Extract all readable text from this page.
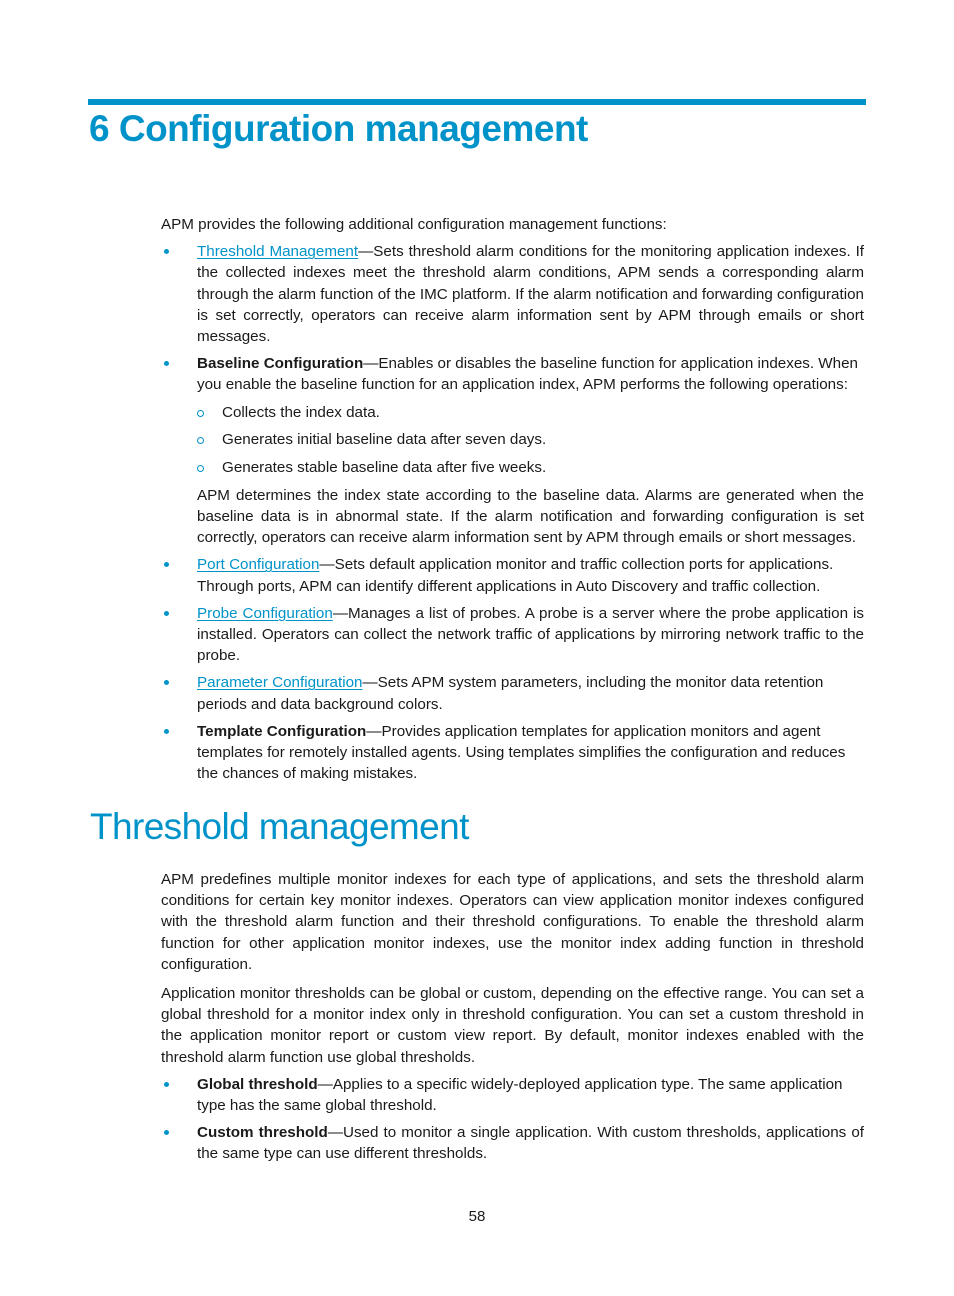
6 Configuration management

APM provides the following additional configuration management functions:

Threshold Management—Sets threshold alarm conditions for the monitoring application indexes. If the collected indexes meet the threshold alarm conditions, APM sends a corresponding alarm through the alarm function of the IMC platform. If the alarm notification and forwarding configuration is set correctly, operators can receive alarm information sent by APM through emails or short messages.
Baseline Configuration—Enables or disables the baseline function for application indexes. When you enable the baseline function for an application index, APM performs the following operations:
Collects the index data.
Generates initial baseline data after seven days.
Generates stable baseline data after five weeks.

APM determines the index state according to the baseline data. Alarms are generated when the baseline data is in abnormal state. If the alarm notification and forwarding configuration is set correctly, operators can receive alarm information sent by APM through emails or short messages.

Port Configuration—Sets default application monitor and traffic collection ports for applications. Through ports, APM can identify different applications in Auto Discovery and traffic collection.
Probe Configuration—Manages a list of probes. A probe is a server where the probe application is installed. Operators can collect the network traffic of applications by mirroring network traffic to the probe.
Parameter Configuration—Sets APM system parameters, including the monitor data retention periods and data background colors.
Template Configuration—Provides application templates for application monitors and agent templates for remotely installed agents. Using templates simplifies the configuration and reduces the chances of making mistakes.
Threshold management

APM predefines multiple monitor indexes for each type of applications, and sets the threshold alarm conditions for certain key monitor indexes. Operators can view application monitor indexes configured with the threshold alarm function and their threshold configurations. To enable the threshold alarm function for other application monitor indexes, use the monitor index adding function in threshold configuration.

Application monitor thresholds can be global or custom, depending on the effective range. You can set a global threshold for a monitor index only in threshold configuration. You can set a custom threshold in the application monitor report or custom view report. By default, monitor indexes enabled with the threshold alarm function use global thresholds.

Global threshold—Applies to a specific widely-deployed application type. The same application type has the same global threshold.
Custom threshold—Used to monitor a single application. With custom thresholds, applications of the same type can use different thresholds.
58
